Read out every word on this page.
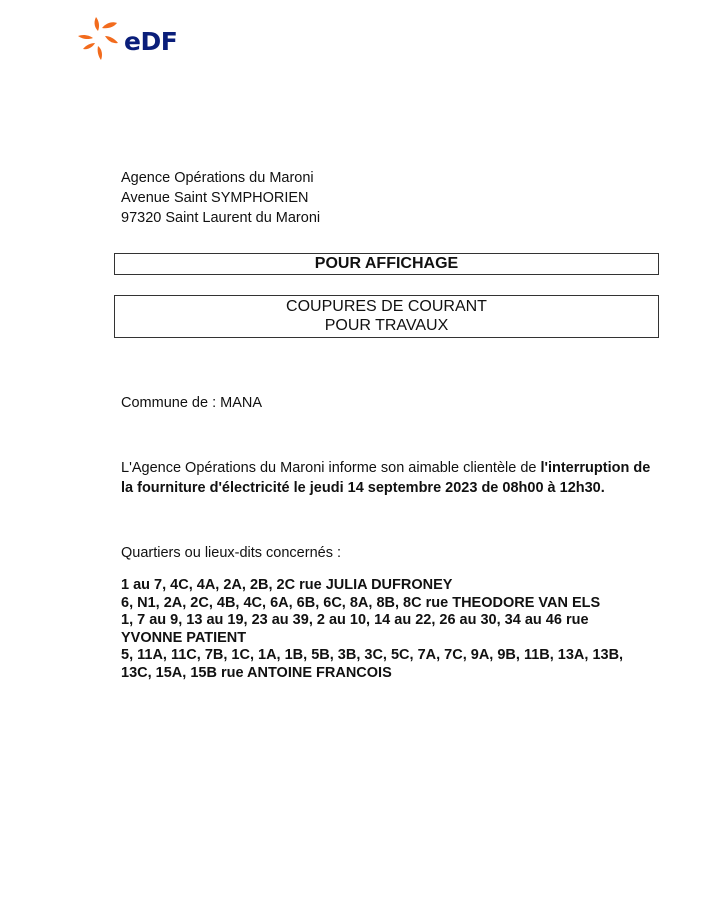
eDF
Agence Opérations du Maroni
Avenue Saint SYMPHORIEN
97320 Saint Laurent du Maroni
POUR AFFICHAGE
COUPURES DE COURANT
POUR TRAVAUX
Commune de : MANA
L'Agence Opérations du Maroni informe son aimable clientèle de l'interruption de
la fourniture d'électricité le jeudi 14 septembre 2023 de 08h00 à 12h30.
Quartiers ou lieux-dits concernés :
1 au 7, 4C, 4A, 2A, 2B, 2C rue JULIA DUFRONEY
6, N1, 2A, 2C, 4B, 4C, 6A, 6B, 6C, 8A, 8B, 8C rue THEODORE VAN ELS
1, 7 au 9, 13 au 19, 23 au 39, 2 au 10, 14 au 22, 26 au 30, 34 au 46 rue
YVONNE PATIENT
5, 11A, 11C, 7B, 1C, 1A, 1B, 5B, 3B, 3C, 5C, 7A, 7C, 9A, 9B, 11B, 13A, 13B,
13C, 15A, 15B rue ANTOINE FRANCOIS
